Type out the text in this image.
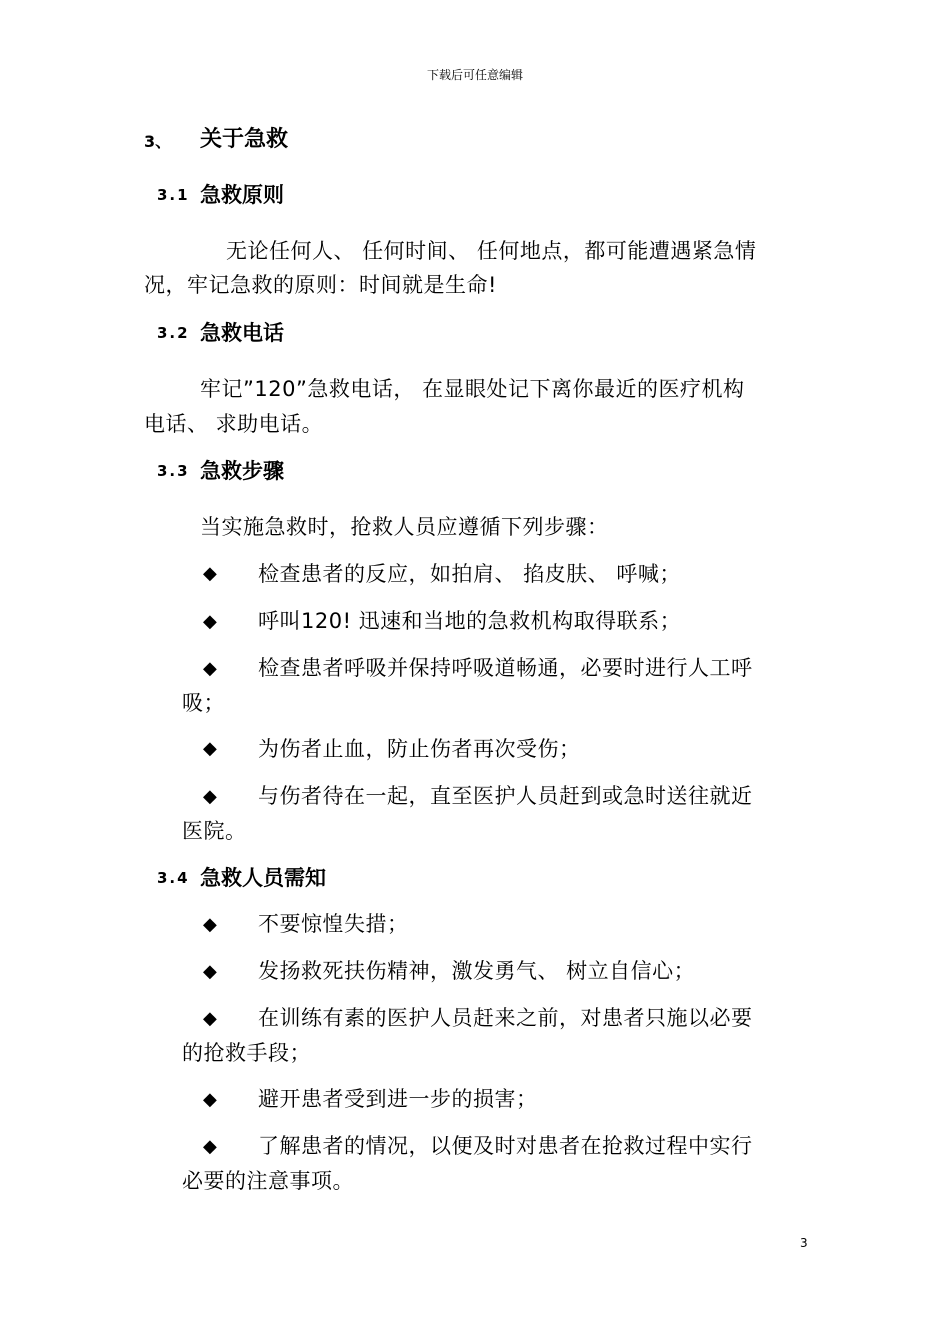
下载后可任意编辑
3、 关于急救
3.1 急救原则
无论任何人、 任何时间、 任何地点，都可能遭遇紧急情
况，牢记急救的原则：时间就是生命!
3.2 急救电话
牢记”120”急救电话， 在显眼处记下离你最近的医疗机构
电话、 求助电话。
3.3 急救步骤
当实施急救时，抢救人员应遵循下列步骤：
◆ 检查患者的反应，如拍肩、 掐皮肤、 呼喊；
◆ 呼叫120! 迅速和当地的急救机构取得联系；
◆ 检查患者呼吸并保持呼吸道畅通，必要时进行人工呼
吸；
◆ 为伤者止血，防止伤者再次受伤；
◆ 与伤者待在一起，直至医护人员赶到或急时送往就近
医院。
3.4 急救人员需知
◆ 不要惊惶失措；
◆ 发扬救死扶伤精神，激发勇气、 树立自信心；
◆ 在训练有素的医护人员赶来之前，对患者只施以必要
的抢救手段；
◆ 避开患者受到进一步的损害；
◆ 了解患者的情况，以便及时对患者在抢救过程中实行
必要的注意事项。
3
